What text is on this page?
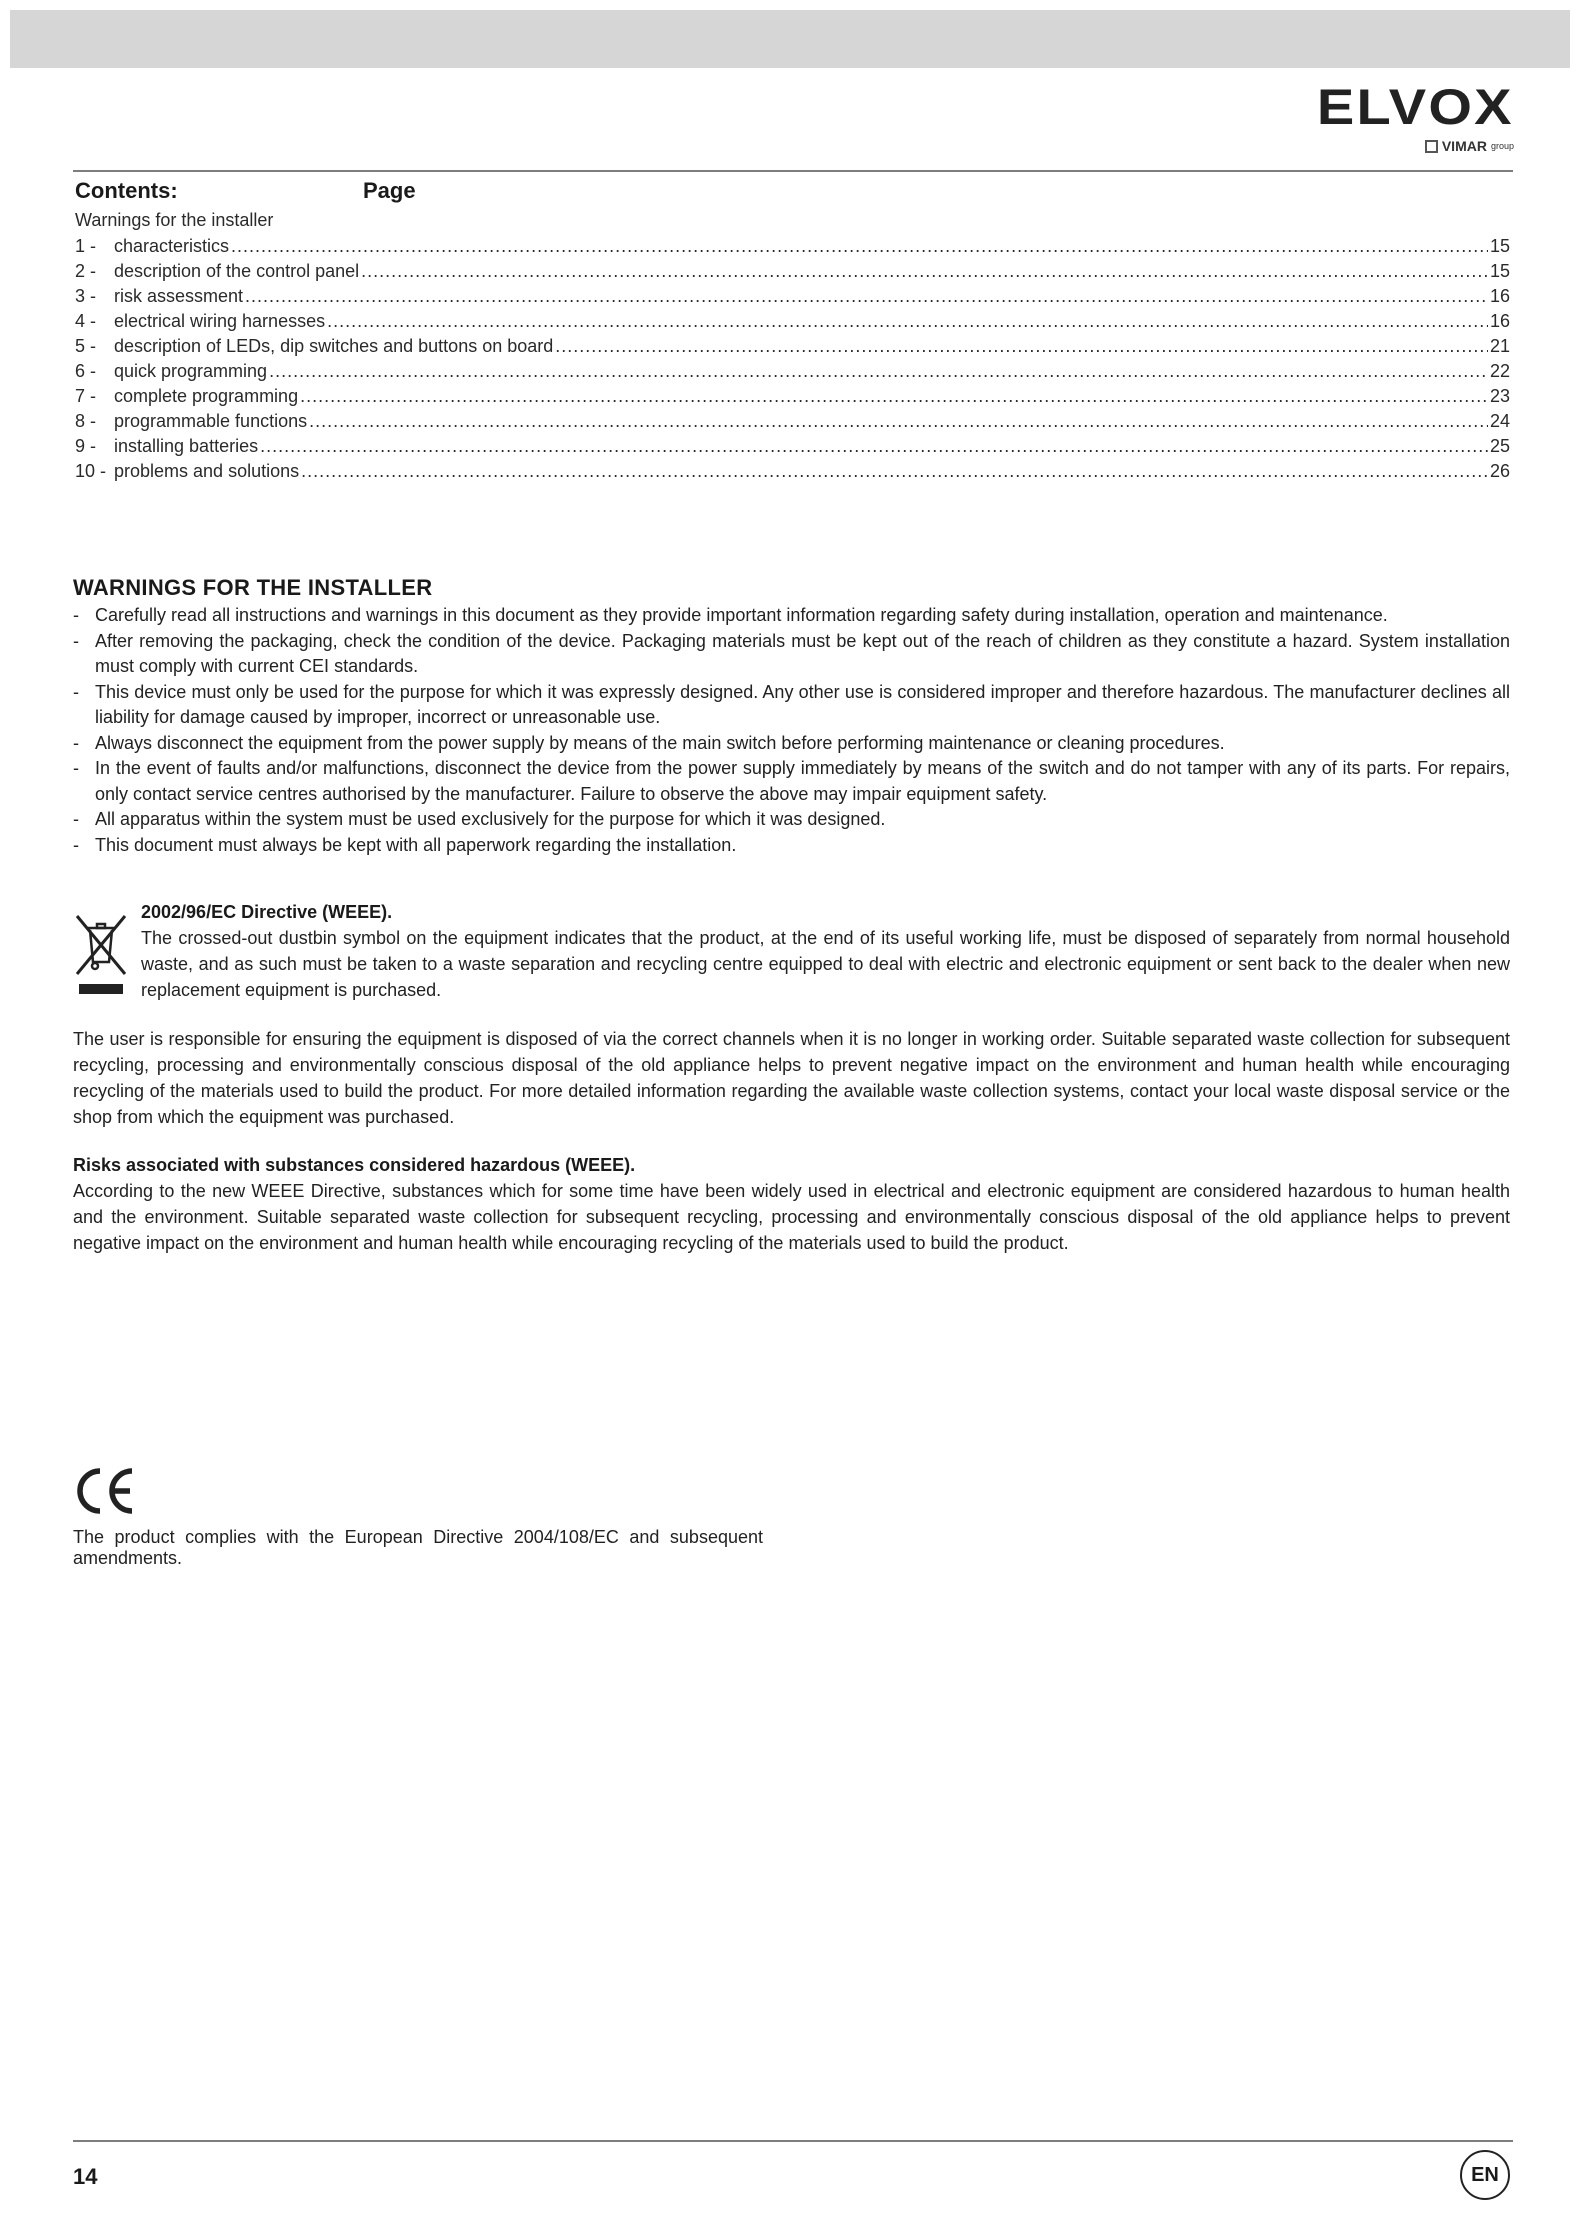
ELVOX
VIMAR group
Contents:	Page
Warnings for the installer
1 - characteristics .....	15
2 - description of the control panel .....	15
3 - risk assessment .....	16
4 - electrical wiring harnesses .....	16
5 - description of LEDs, dip switches and buttons on board .....	21
6 - quick programming .....	22
7 - complete programming .....	23
8 - programmable functions .....	24
9 - installing batteries .....	25
10 - problems and solutions .....	26
WARNINGS FOR THE INSTALLER
- Carefully read all instructions and warnings in this document as they provide important information regarding safety during installation, operation and maintenance.
- After removing the packaging, check the condition of the device. Packaging materials must be kept out of the reach of children as they constitute a hazard. System installation must comply with current CEI standards.
- This device must only be used for the purpose for which it was expressly designed. Any other use is considered improper and therefore hazardous. The manufacturer declines all liability for damage caused by improper, incorrect or unreasonable use.
- Always disconnect the equipment from the power supply by means of the main switch before performing maintenance or cleaning procedures.
- In the event of faults and/or malfunctions, disconnect the device from the power supply immediately by means of the switch and do not tamper with any of its parts. For repairs, only contact service centres authorised by the manufacturer. Failure to observe the above may impair equipment safety.
- All apparatus within the system must be used exclusively for the purpose for which it was designed.
- This document must always be kept with all paperwork regarding the installation.
2002/96/EC Directive (WEEE).
The crossed-out dustbin symbol on the equipment indicates that the product, at the end of its useful working life, must be disposed of separately from normal household waste, and as such must be taken to a waste separation and recycling centre equipped to deal with electric and electronic equipment or sent back to the dealer when new replacement equipment is purchased.

The user is responsible for ensuring the equipment is disposed of via the correct channels when it is no longer in working order. Suitable separated waste collection for subsequent recycling, processing and environmentally conscious disposal of the old appliance helps to prevent negative impact on the environment and human health while encouraging recycling of the materials used to build the product. For more detailed information regarding the available waste collection systems, contact your local waste disposal service or the shop from which the equipment was purchased.

Risks associated with substances considered hazardous (WEEE).

According to the new WEEE Directive, substances which for some time have been widely used in electrical and electronic equipment are considered hazardous to human health and the environment. Suitable separated waste collection for subsequent recycling, processing and environmentally conscious disposal of the old appliance helps to prevent negative impact on the environment and human health while encouraging recycling of the materials used to build the product.

The product complies with the European Directive 2004/108/EC and subsequent amendments.
14	EN
